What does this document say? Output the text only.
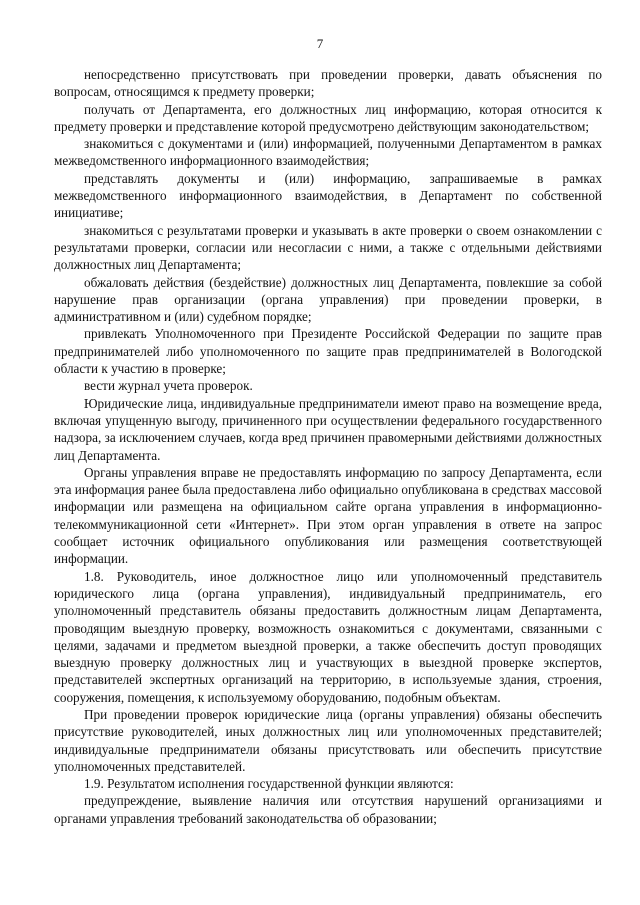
7

непосредственно присутствовать при проведении проверки, давать объяснения по вопросам, относящимся к предмету проверки;

получать от Департамента, его должностных лиц информацию, которая относится к предмету проверки и представление которой предусмотрено действующим законодательством;

знакомиться с документами и (или) информацией, полученными Департаментом в рамках межведомственного информационного взаимодействия;

представлять документы и (или) информацию, запрашиваемые в рамках межведомственного информационного взаимодействия, в Департамент по собственной инициативе;

знакомиться с результатами проверки и указывать в акте проверки о своем ознакомлении с результатами проверки, согласии или несогласии с ними, а также с отдельными действиями должностных лиц Департамента;

обжаловать действия (бездействие) должностных лиц Департамента, повлекшие за собой нарушение прав организации (органа управления) при проведении проверки, в административном и (или) судебном порядке;

привлекать Уполномоченного при Президенте Российской Федерации по защите прав предпринимателей либо уполномоченного по защите прав предпринимателей в Вологодской области к участию в проверке;

вести журнал учета проверок.

Юридические лица, индивидуальные предприниматели имеют право на возмещение вреда, включая упущенную выгоду, причиненного при осуществлении федерального государственного надзора, за исключением случаев, когда вред причинен правомерными действиями должностных лиц Департамента.

Органы управления вправе не предоставлять информацию по запросу Департамента, если эта информация ранее была предоставлена либо официально опубликована в средствах массовой информации или размещена на официальном сайте органа управления в информационно-телекоммуникационной сети «Интернет». При этом орган управления в ответе на запрос сообщает источник официального опубликования или размещения соответствующей информации.

1.8. Руководитель, иное должностное лицо или уполномоченный представитель юридического лица (органа управления), индивидуальный предприниматель, его уполномоченный представитель обязаны предоставить должностным лицам Департамента, проводящим выездную проверку, возможность ознакомиться с документами, связанными с целями, задачами и предметом выездной проверки, а также обеспечить доступ проводящих выездную проверку должностных лиц и участвующих в выездной проверке экспертов, представителей экспертных организаций на территорию, в используемые здания, строения, сооружения, помещения, к используемому оборудованию, подобным объектам.

При проведении проверок юридические лица (органы управления) обязаны обеспечить присутствие руководителей, иных должностных лиц или уполномоченных представителей; индивидуальные предприниматели обязаны присутствовать или обеспечить присутствие уполномоченных представителей.

1.9. Результатом исполнения государственной функции являются:

предупреждение, выявление наличия или отсутствия нарушений организациями и органами управления требований законодательства об образовании;
